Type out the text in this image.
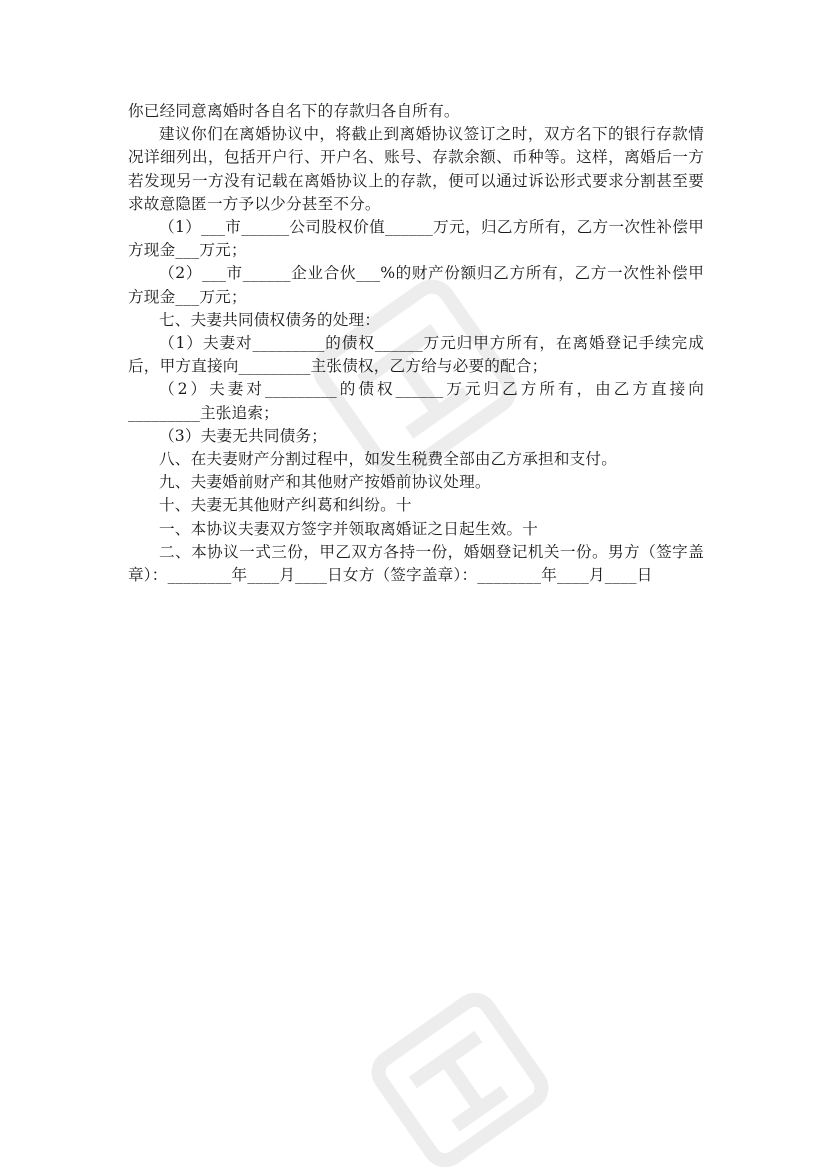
你已经同意离婚时各自名下的存款归各自所有。

建议你们在离婚协议中，将截止到离婚协议签订之时，双方名下的银行存款情况详细列出，包括开户行、开户名、账号、存款余额、币种等。这样，离婚后一方若发现另一方没有记载在离婚协议上的存款，便可以通过诉讼形式要求分割甚至要求故意隐匿一方予以少分甚至不分。

（1）___市______公司股权价值______万元，归乙方所有，乙方一次性补偿甲方现金___万元；

（2）___市______企业合伙___%的财产份额归乙方所有，乙方一次性补偿甲方现金___万元；

七、夫妻共同债权债务的处理：

（1）夫妻对_________的债权______万元归甲方所有，在离婚登记手续完成后，甲方直接向_________主张债权，乙方给与必要的配合；

（2）夫妻对_________的债权______万元归乙方所有，由乙方直接向_________主张追索；

（3）夫妻无共同债务；

八、在夫妻财产分割过程中，如发生税费全部由乙方承担和支付。

九、夫妻婚前财产和其他财产按婚前协议处理。

十、夫妻无其他财产纠葛和纠纷。十

一、本协议夫妻双方签字并领取离婚证之日起生效。十

二、本协议一式三份，甲乙双方各持一份，婚姻登记机关一份。男方（签字盖章）：________年____月____日女方（签字盖章）：________年____月____日
